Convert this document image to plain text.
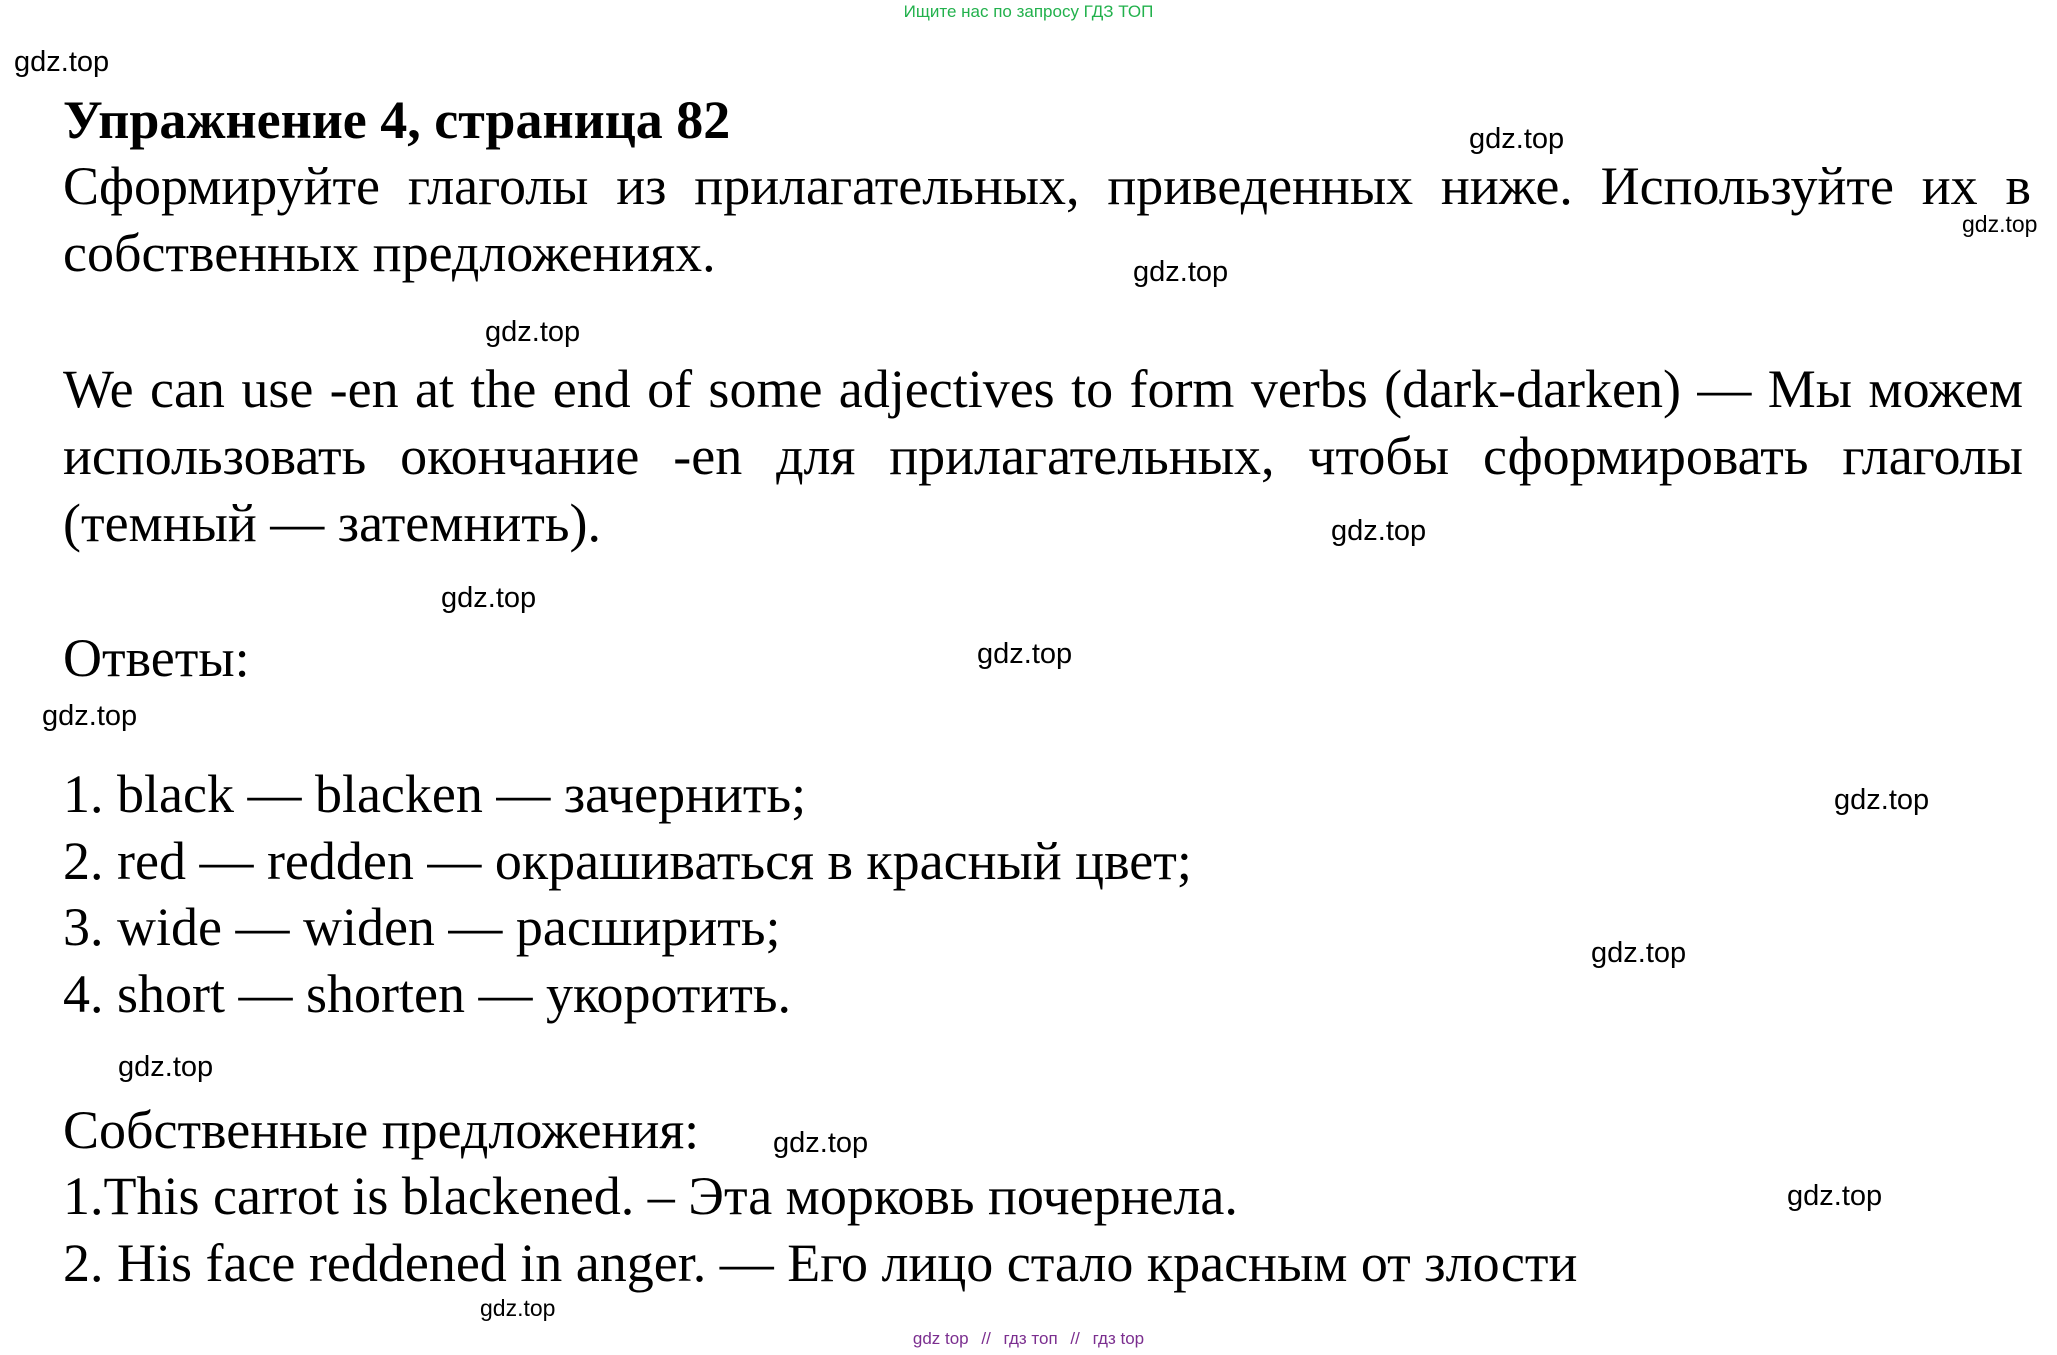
Ищите нас по запросу ГДЗ ТОП
Упражнение 4, страница 82
Сформируйте глаголы из прилагательных, приведенных ниже. Используйте их в собственных предложениях.
We can use -en at the end of some adjectives to form verbs (dark-darken) — Мы можем использовать окончание -en для прилагательных, чтобы сформировать глаголы (темный — затемнить).
Ответы:
1. black — blacken — зачернить;
2. red — redden — окрашиваться в красный цвет;
3. wide — widen — расширить;
4. short — shorten — укоротить.
Собственные предложения:
1.This carrot is blackened. – Эта морковь почернела.
2. His face reddened in anger. — Его лицо стало красным от злости
gdz.top
gdz.top
gdz.top
gdz.top
gdz.top
gdz.top
gdz.top
gdz.top
gdz.top
gdz.top
gdz.top
gdz.top
gdz.top
gdz.top
gdz.top
gdz top // гдз топ // гдз top
